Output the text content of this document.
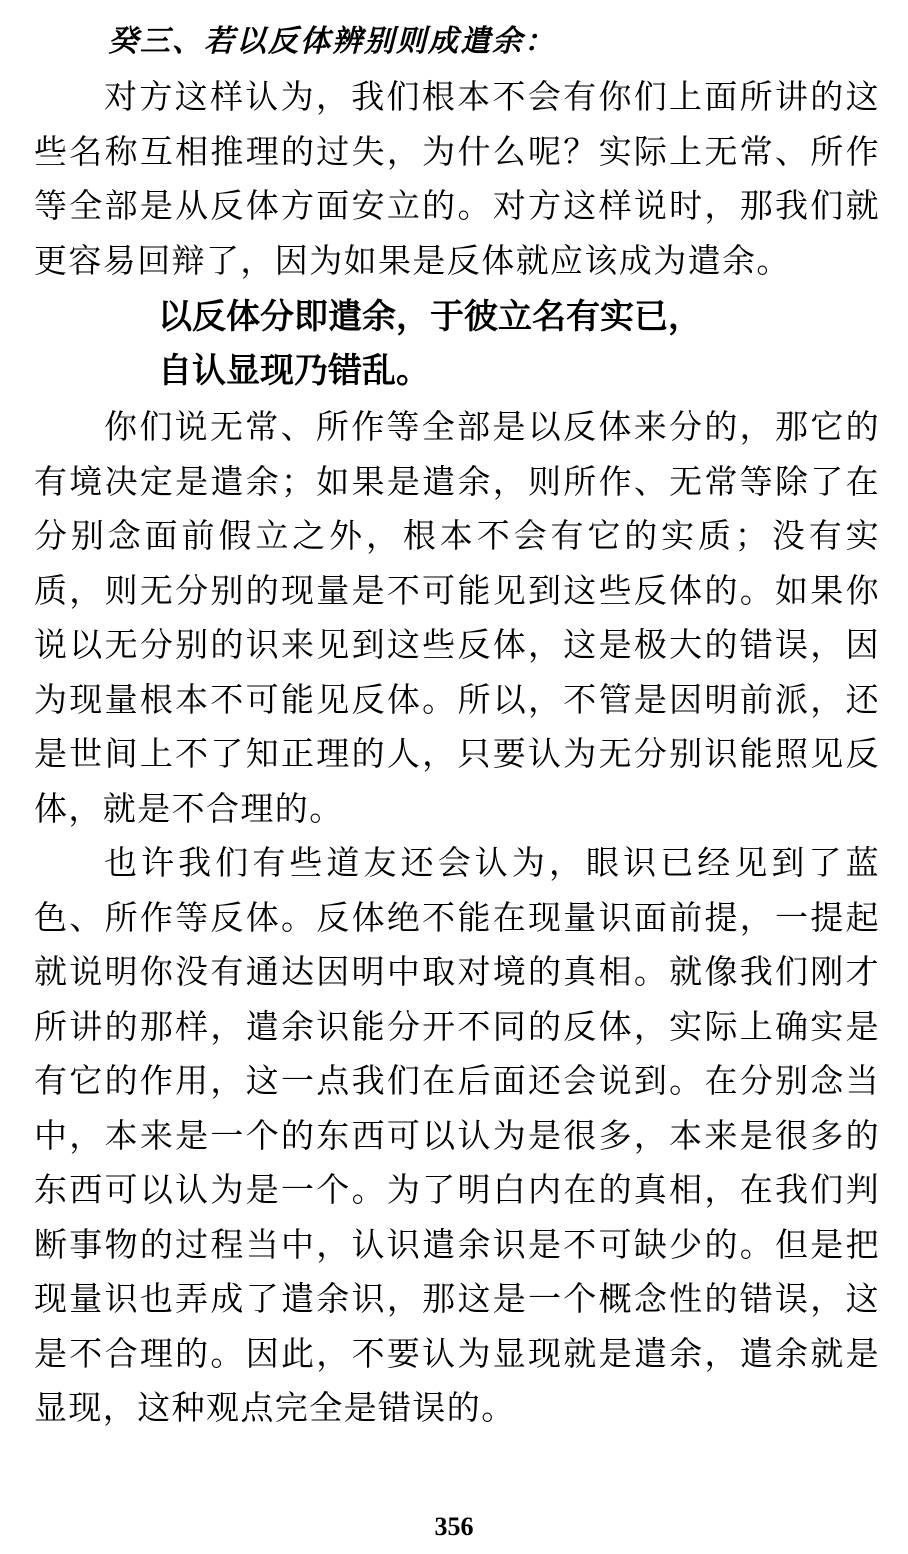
癸三、若以反体辨别则成遣余：

对方这样认为，我们根本不会有你们上面所讲的这些名称互相推理的过失，为什么呢？实际上无常、所作等全部是从反体方面安立的。对方这样说时，那我们就更容易回辩了，因为如果是反体就应该成为遣余。

以反体分即遣余，于彼立名有实已，

自认显现乃错乱。

你们说无常、所作等全部是以反体来分的，那它的有境决定是遣余；如果是遣余，则所作、无常等除了在分别念面前假立之外，根本不会有它的实质；没有实质，则无分别的现量是不可能见到这些反体的。如果你说以无分别的识来见到这些反体，这是极大的错误，因为现量根本不可能见反体。所以，不管是因明前派，还是世间上不了知正理的人，只要认为无分别识能照见反体，就是不合理的。

也许我们有些道友还会认为，眼识已经见到了蓝色、所作等反体。反体绝不能在现量识面前提，一提起就说明你没有通达因明中取对境的真相。就像我们刚才所讲的那样，遣余识能分开不同的反体，实际上确实是有它的作用，这一点我们在后面还会说到。在分别念当中，本来是一个的东西可以认为是很多，本来是很多的东西可以认为是一个。为了明白内在的真相，在我们判断事物的过程当中，认识遣余识是不可缺少的。但是把现量识也弄成了遣余识，那这是一个概念性的错误，这是不合理的。因此，不要认为显现就是遣余，遣余就是显现，这种观点完全是错误的。

356
